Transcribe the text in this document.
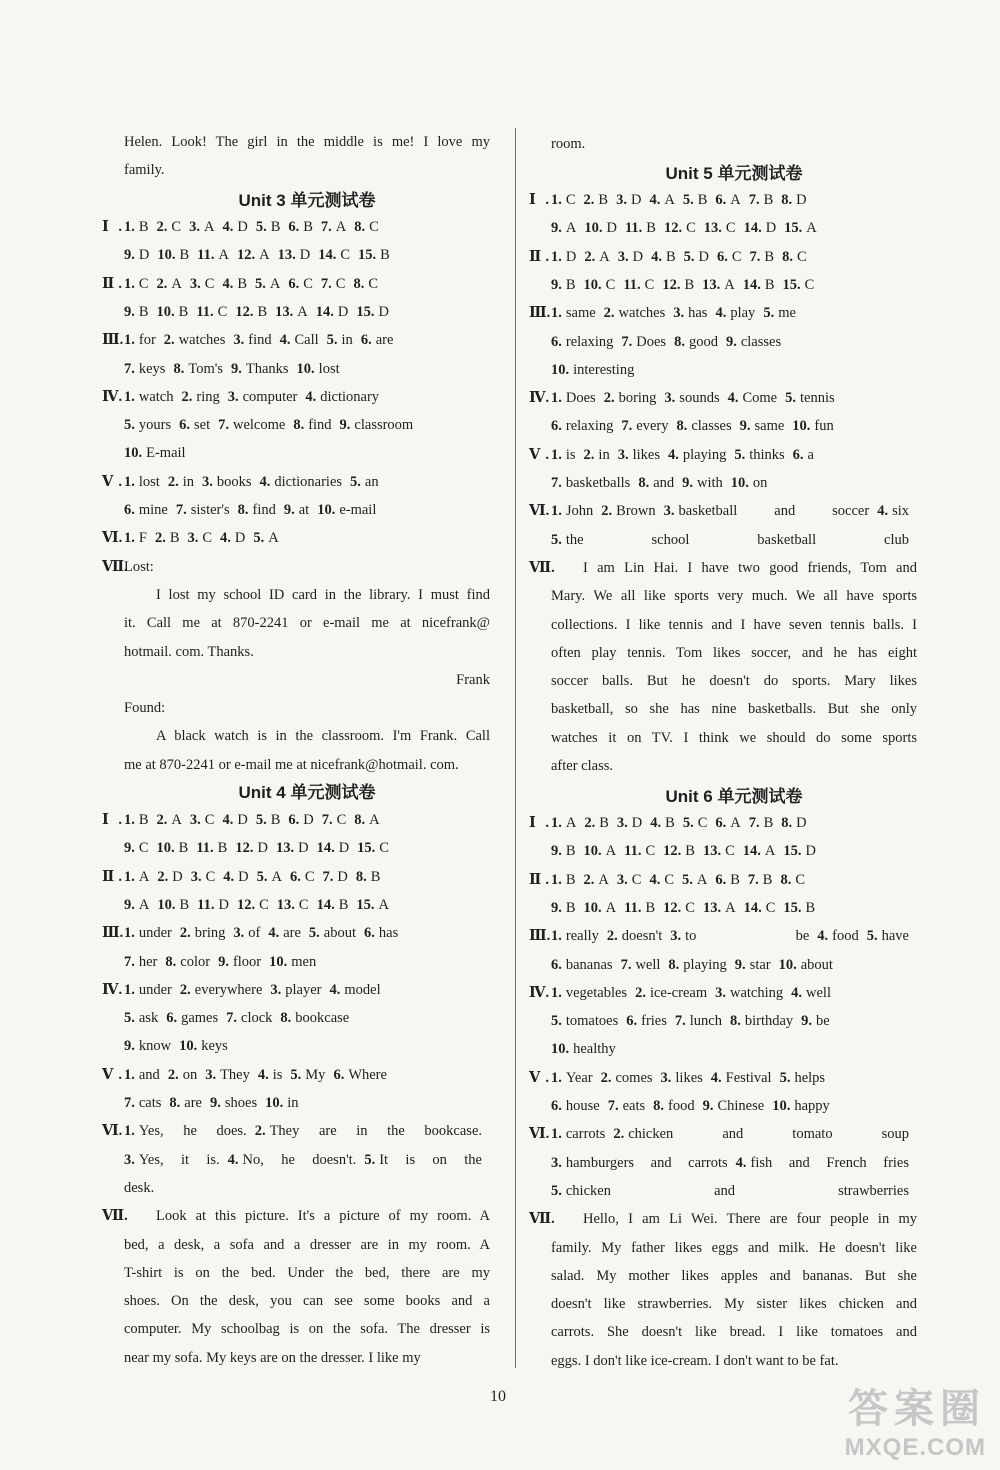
Helen. Look! The girl in the middle is me! I love my
family.
Unit 3 单元测试卷
Ⅰ. 1. B 2. C 3. A 4. D 5. B 6. B 7. A 8. C
9. D 10. B 11. A 12. A 13. D 14. C 15. B
Ⅱ. 1. C 2. A 3. C 4. B 5. A 6. C 7. C 8. C
9. B 10. B 11. C 12. B 13. A 14. D 15. D
Ⅲ. 1. for 2. watches 3. find 4. Call 5. in 6. are
7. keys 8. Tom's 9. Thanks 10. lost
Ⅳ. 1. watch 2. ring 3. computer 4. dictionary
5. yours 6. set 7. welcome 8. find 9. classroom
10. E-mail
Ⅴ. 1. lost 2. in 3. books 4. dictionaries 5. an
6. mine 7. sister's 8. find 9. at 10. e-mail
Ⅵ. 1. F 2. B 3. C 4. D 5. A
Ⅶ.
Lost:
I lost my school ID card in the library. I must find
it. Call me at 870-2241 or e-mail me at nicefrank@
hotmail. com. Thanks.
Frank
Found:
A black watch is in the classroom. I'm Frank. Call
me at 870-2241 or e-mail me at nicefrank@hotmail. com.
Unit 4 单元测试卷
Ⅰ. 1. B 2. A 3. C 4. D 5. B 6. D 7. C 8. A
9. C 10. B 11. B 12. D 13. D 14. D 15. C
Ⅱ. 1. A 2. D 3. C 4. D 5. A 6. C 7. D 8. B
9. A 10. B 11. D 12. C 13. C 14. B 15. A
Ⅲ. 1. under 2. bring 3. of 4. are 5. about 6. has
7. her 8. color 9. floor 10. men
Ⅳ. 1. under 2. everywhere 3. player 4. model
5. ask 6. games 7. clock 8. bookcase
9. know 10. keys
Ⅴ. 1. and 2. on 3. They 4. is 5. My 6. Where
7. cats 8. are 9. shoes 10. in
Ⅵ. 1. Yes, he does. 2. They are in the bookcase.
3. Yes, it is. 4. No, he doesn't. 5. It is on the
desk.
Look at this picture. It's a picture of my room. A
bed, a desk, a sofa and a dresser are in my room. A
T-shirt is on the bed. Under the bed, there are my
shoes. On the desk, you can see some books and a
computer. My schoolbag is on the sofa. The dresser is
near my sofa. My keys are on the dresser. I like my
Ⅶ.
room.
Unit 5 单元测试卷
Ⅰ. 1. C 2. B 3. D 4. A 5. B 6. A 7. B 8. D
9. A 10. D 11. B 12. C 13. C 14. D 15. A
Ⅱ. 1. D 2. A 3. D 4. B 5. D 6. C 7. B 8. C
9. B 10. C 11. C 12. B 13. A 14. B 15. C
Ⅲ. 1. same 2. watches 3. has 4. play 5. me
6. relaxing 7. Does 8. good 9. classes
10. interesting
Ⅳ. 1. Does 2. boring 3. sounds 4. Come 5. tennis
6. relaxing 7. every 8. classes 9. same 10. fun
Ⅴ. 1. is 2. in 3. likes 4. playing 5. thinks 6. a
7. basketballs 8. and 9. with 10. on
Ⅵ. 1. John 2. Brown 3. basketball and soccer 4. six
5. the school basketball club
Ⅶ.	I am Lin Hai. I have two good friends, Tom and
Mary. We all like sports very much. We all have sports
collections. I like tennis and I have seven tennis balls. I
often play tennis. Tom likes soccer, and he has eight
soccer balls. But he doesn't do sports. Mary likes
basketball, so she has nine basketballs. But she only
watches it on TV. I think we should do some sports
after class.
Unit 6 单元测试卷
Ⅰ. 1. A 2. B 3. D 4. B 5. C 6. A 7. B 8. D
9. B 10. A 11. C 12. B 13. C 14. A 15. D
Ⅱ. 1. B 2. A 3. C 4. C 5. A 6. B 7. B 8. C
9. B 10. A 11. B 12. C 13. A 14. C 15. B
Ⅲ. 1. really 2. doesn't 3. to be 4. food 5. have
6. bananas 7. well 8. playing 9. star 10. about
Ⅳ. 1. vegetables 2. ice-cream 3. watching 4. well
5. tomatoes 6. fries 7. lunch 8. birthday 9. be
10. healthy
Ⅴ. 1. Year 2. comes 3. likes 4. Festival 5. helps
6. house 7. eats 8. food 9. Chinese 10. happy
Ⅵ. 1. carrots 2. chicken and tomato soup
3. hamburgers and carrots 4. fish and French fries
5. chicken and strawberries
Ⅶ.	Hello, I am Li Wei. There are four people in my
family. My father likes eggs and milk. He doesn't like
salad. My mother likes apples and bananas. But she
doesn't like strawberries. My sister likes chicken and
carrots. She doesn't like bread. I like tomatoes and
eggs. I don't like ice-cream. I don't want to be fat.
10	答案圈
MXQE.COM
